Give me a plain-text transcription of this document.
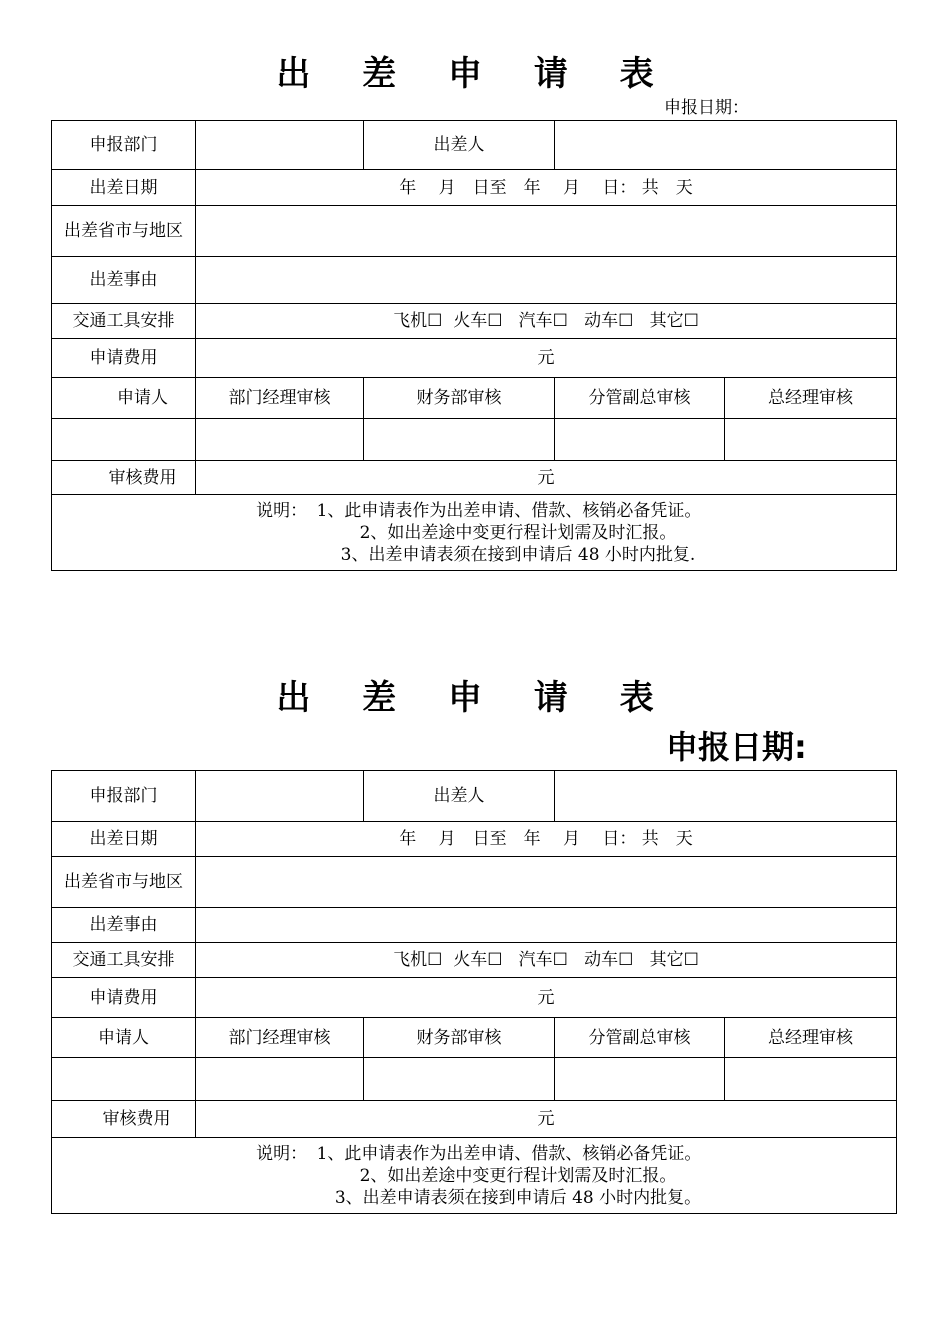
出 差 申 请 表
申报日期：
申报部门		出差人		
出差日期	年　 月　日至　年　 月　 日： 共　天			
出差省市与地区				
出差事由				
交通工具安排	飞机☐  火车☐   汽车☐   动车☐   其它☐			
申请费用	元			
申请人	部门经理审核	财务部审核	分管副总审核	总经理审核

审核费用	元			
说明： 1、此申请表作为出差申请、借款、核销必备凭证。
2、如出差途中变更行程计划需及时汇报。
3、出差申请表须在接到申请后 48 小时内批复.				
出 差 申 请 表
申报日期:
申报部门		出差人		
出差日期	年　 月　日至　年　 月　 日： 共　天			
出差省市与地区				
出差事由				
交通工具安排	飞机☐  火车☐   汽车☐   动车☐   其它☐			
申请费用	元			
申请人	部门经理审核	财务部审核	分管副总审核	总经理审核

审核费用	元			
说明： 1、此申请表作为出差申请、借款、核销必备凭证。
2、如出差途中变更行程计划需及时汇报。
3、出差申请表须在接到申请后 48 小时内批复。				
